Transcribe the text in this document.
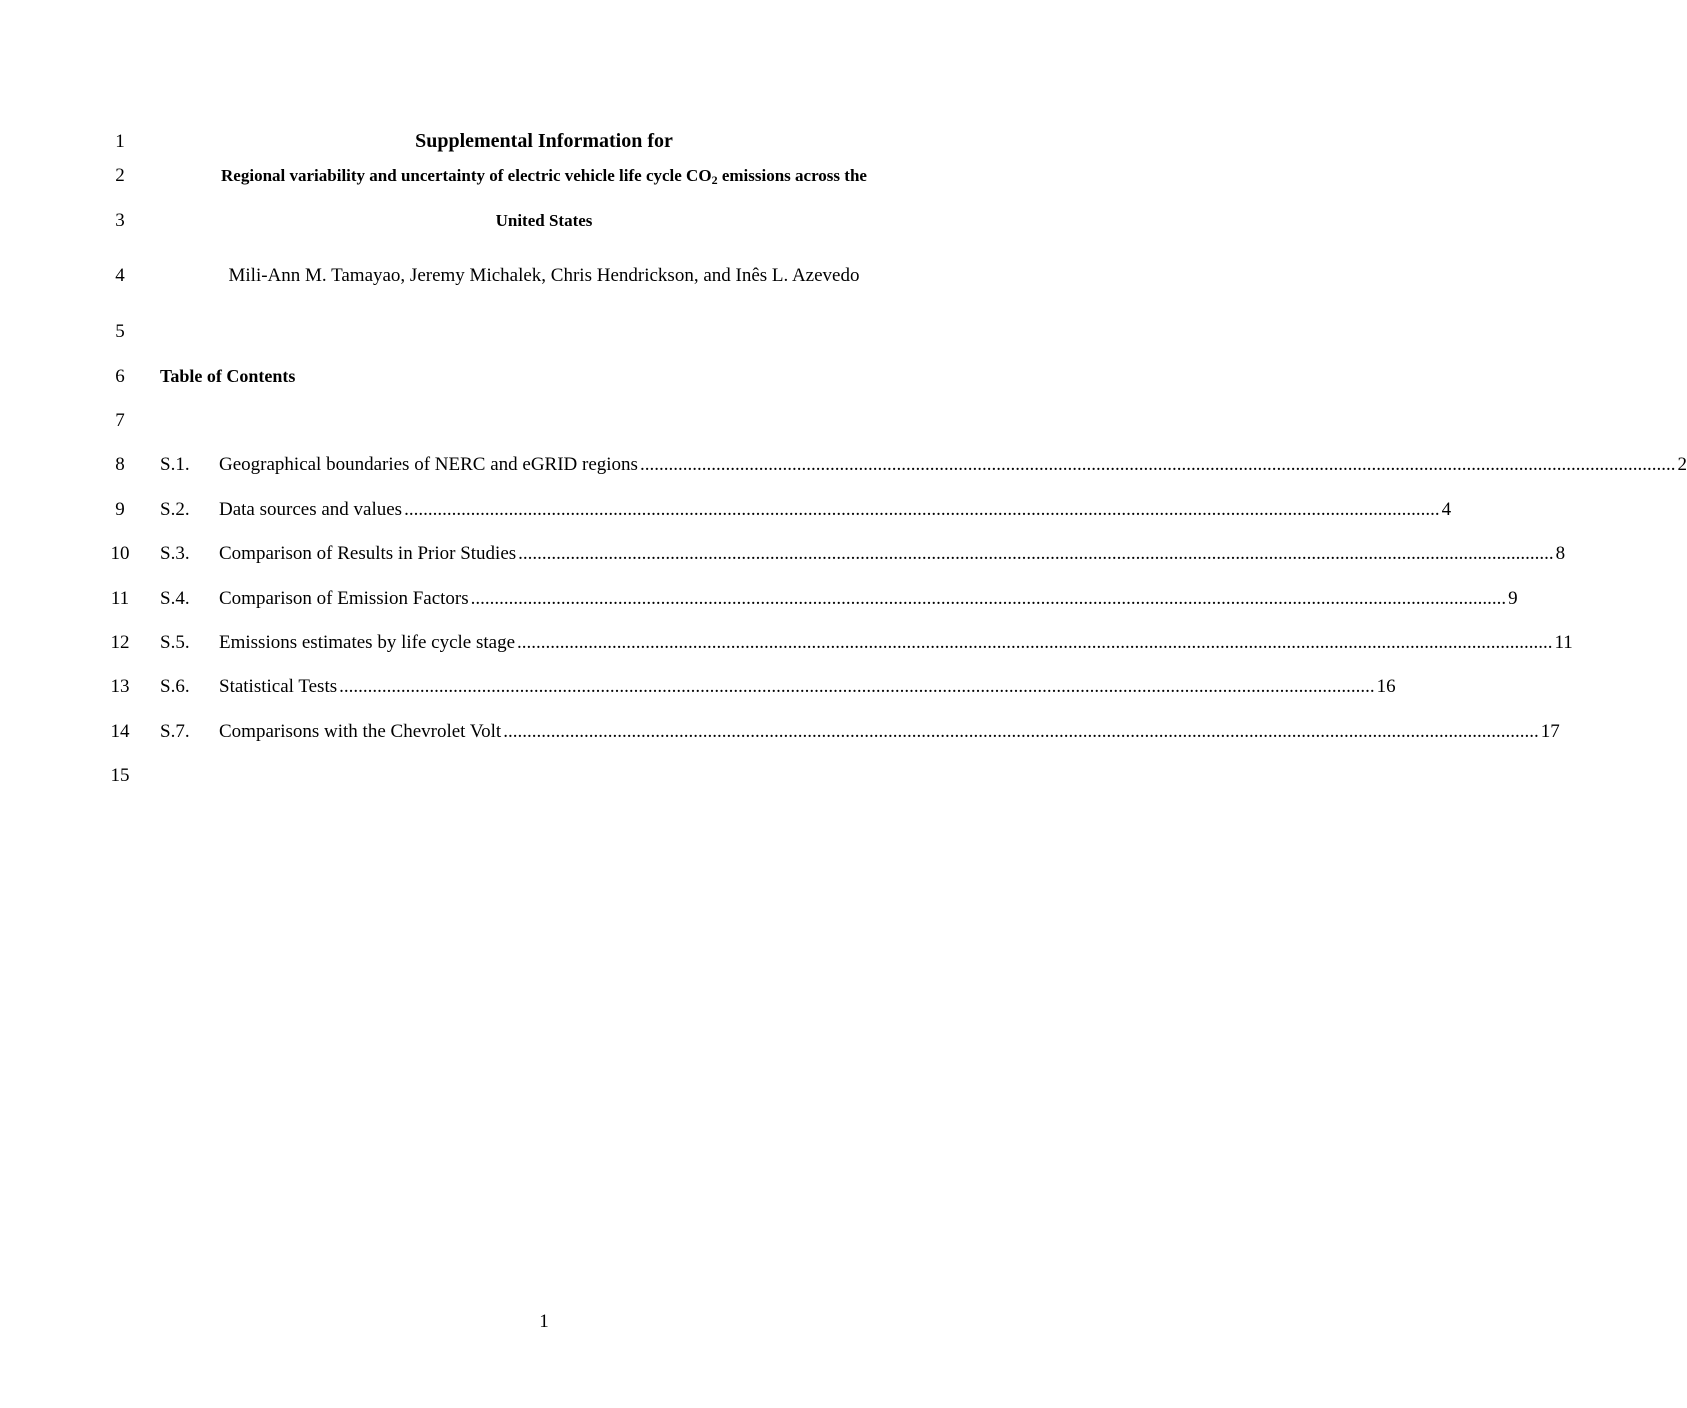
1
2
3
4
5
6
7
8
9
10
11
12
13
14
15
Supplemental Information for
Regional variability and uncertainty of electric vehicle life cycle $CO_2$ emissions across the
United States
Mili-Ann M. Tamayao, Jeremy Michalek, Chris Hendrickson, and Inês L. Azevedo
Table of Contents
S.1.	Geographical boundaries of NERC and eGRID regions .......................................................................................................................................................................................................................... 2
S.2.	Data sources and values .......................................................................................................................................................................................................................... 4
S.3.	Comparison of Results in Prior Studies .......................................................................................................................................................................................................................... 8
S.4.	Comparison of Emission Factors .......................................................................................................................................................................................................................... 9
S.5.	Emissions estimates by life cycle stage .......................................................................................................................................................................................................................... 11
S.6.	Statistical Tests .......................................................................................................................................................................................................................... 16
S.7.	Comparisons with the Chevrolet Volt .......................................................................................................................................................................................................................... 17
1
